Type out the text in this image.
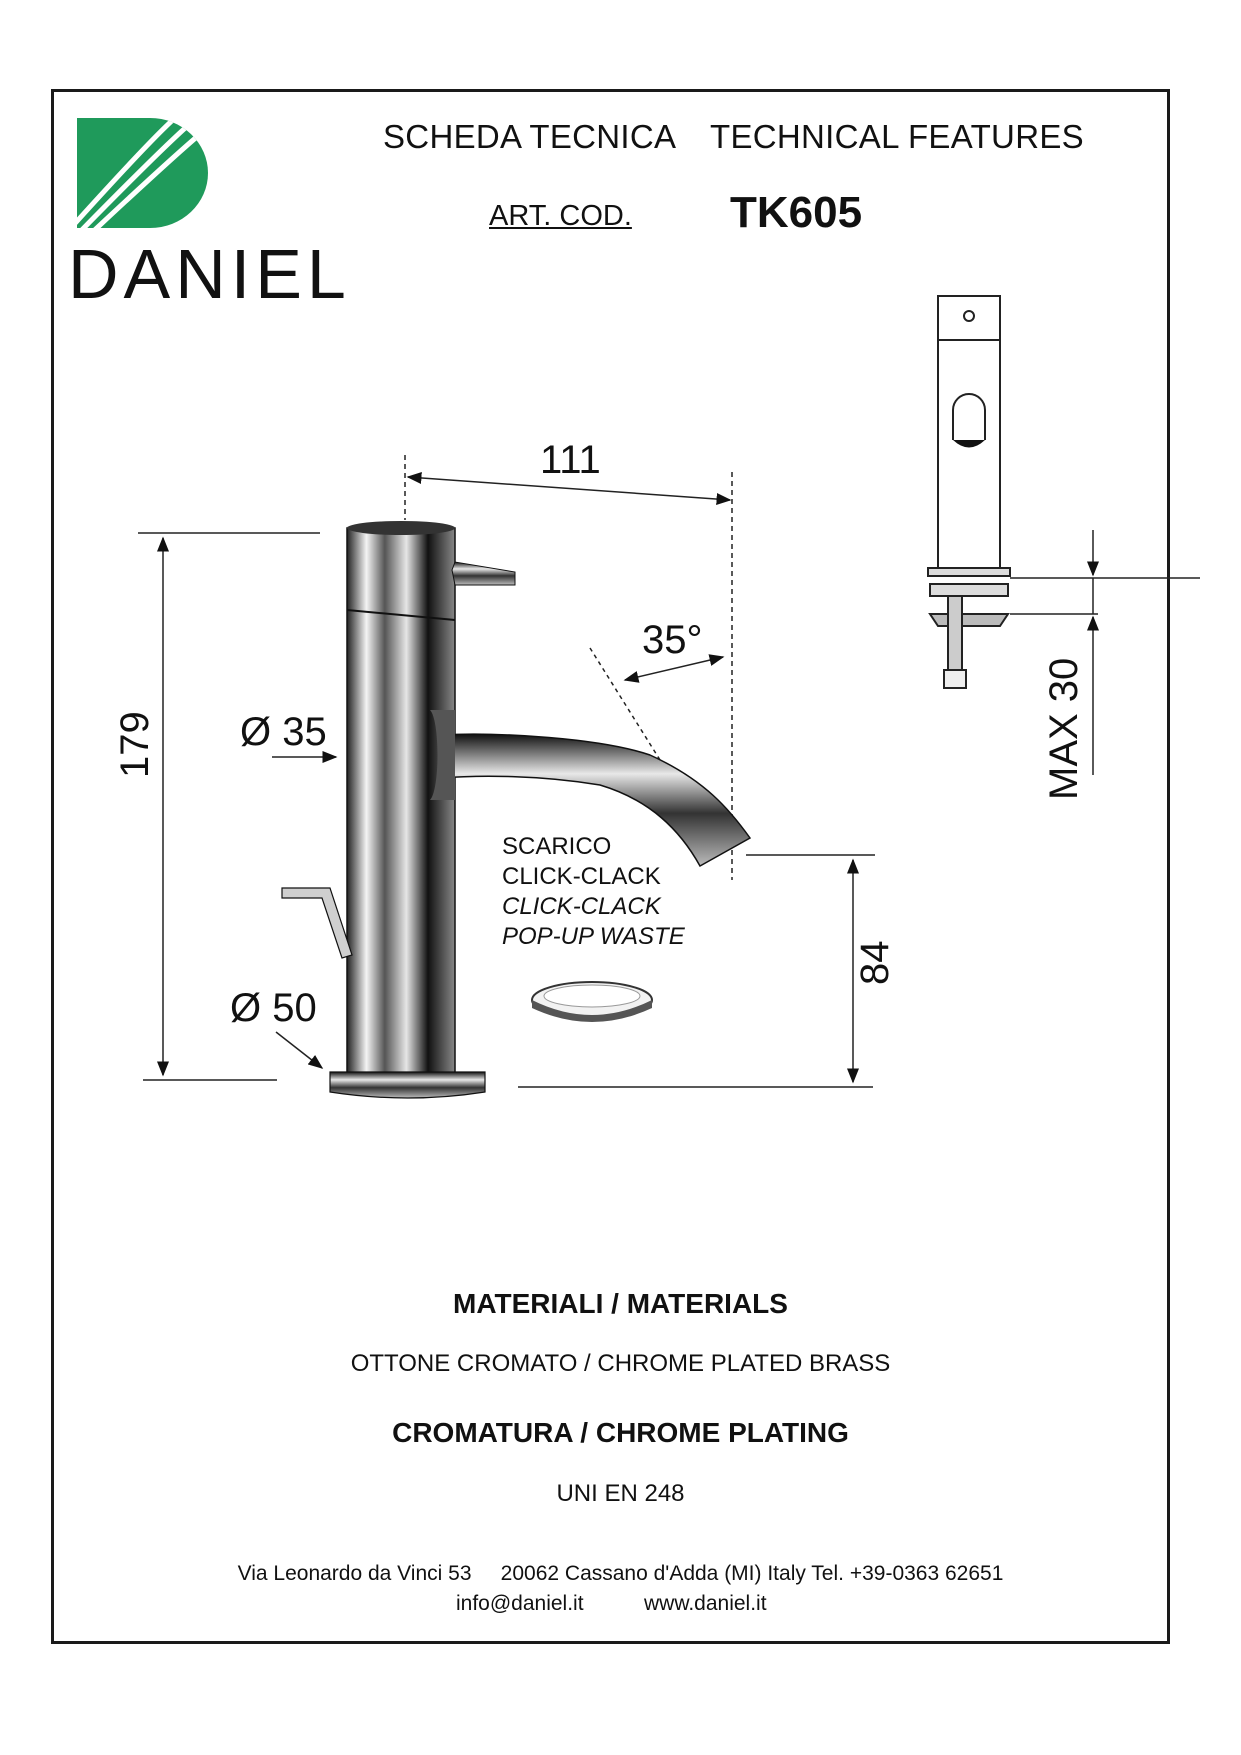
DANIEL
SCHEDA TECNICA TECHNICAL FEATURES
ART. COD. TK605
111
179
35°
Ø 35
Ø 50
84
MAX 30
SCARICO
CLICK-CLACK
CLICK-CLACK
POP-UP WASTE
MATERIALI / MATERIALS
OTTONE CROMATO / CHROME PLATED BRASS
CROMATURA / CHROME PLATING
UNI EN 248
Via Leonardo da Vinci 53     20062 Cassano d'Adda (MI) Italy Tel. +39-0363 62651
info@daniel.it	www.daniel.it
